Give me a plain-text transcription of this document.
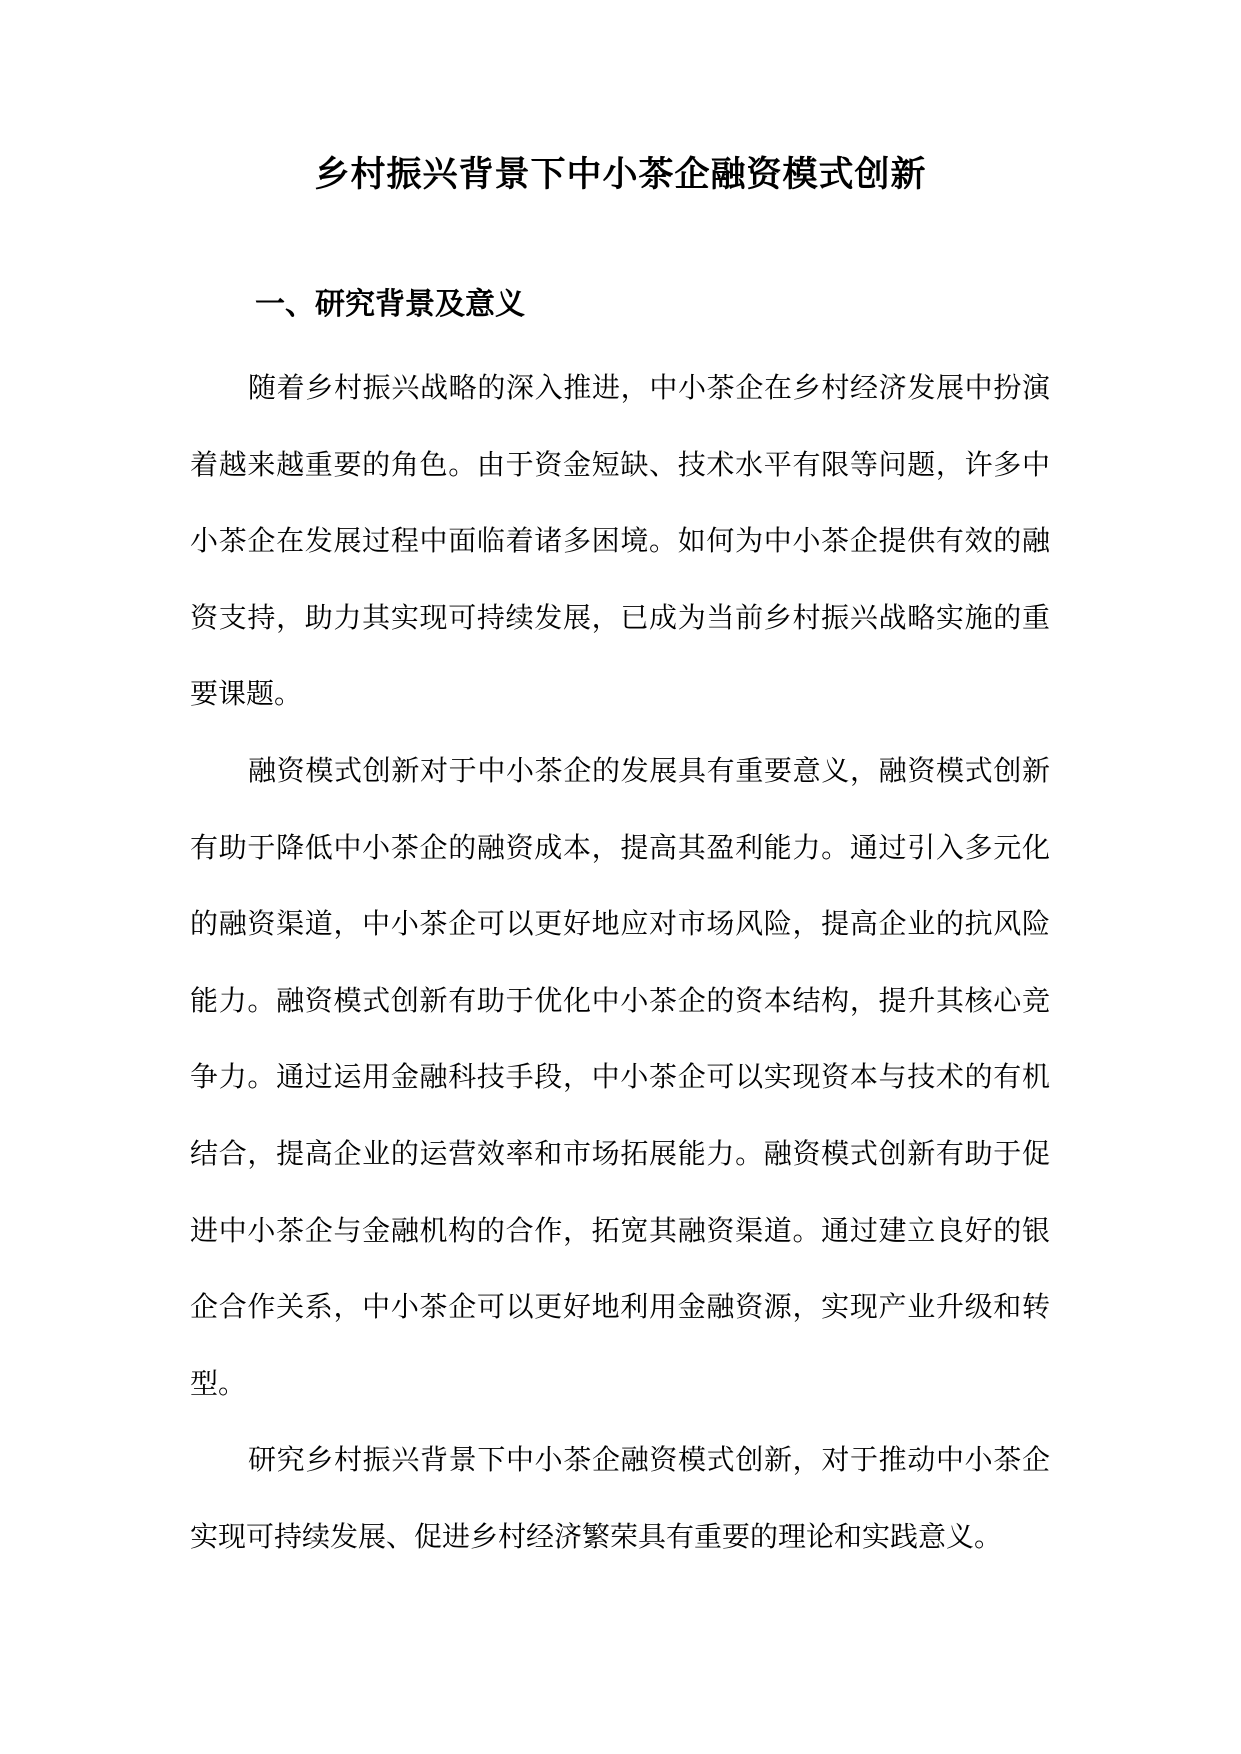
乡村振兴背景下中小茶企融资模式创新
一、研究背景及意义

随着乡村振兴战略的深入推进，中小茶企在乡村经济发展中扮演着越来越重要的角色。由于资金短缺、技术水平有限等问题，许多中小茶企在发展过程中面临着诸多困境。如何为中小茶企提供有效的融资支持，助力其实现可持续发展，已成为当前乡村振兴战略实施的重要课题。

融资模式创新对于中小茶企的发展具有重要意义，融资模式创新有助于降低中小茶企的融资成本，提高其盈利能力。通过引入多元化的融资渠道，中小茶企可以更好地应对市场风险，提高企业的抗风险能力。融资模式创新有助于优化中小茶企的资本结构，提升其核心竞争力。通过运用金融科技手段，中小茶企可以实现资本与技术的有机结合，提高企业的运营效率和市场拓展能力。融资模式创新有助于促进中小茶企与金融机构的合作，拓宽其融资渠道。通过建立良好的银企合作关系，中小茶企可以更好地利用金融资源，实现产业升级和转型。

研究乡村振兴背景下中小茶企融资模式创新，对于推动中小茶企实现可持续发展、促进乡村经济繁荣具有重要的理论和实践意义。
